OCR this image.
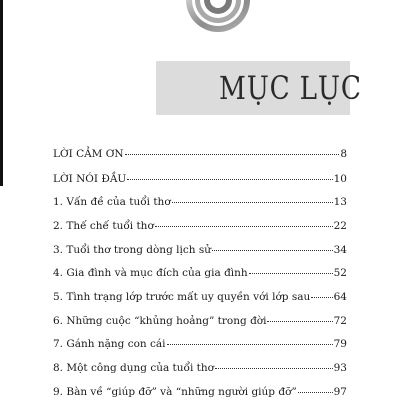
MỤC LỤC
LỜI CẢM ƠN	8
LỜI NÓI ĐẦU	10
1. Vấn đề của tuổi thơ	13
2. Thế chế tuổi thơ	22
3. Tuổi thơ trong dòng lịch sử	34
4. Gia đình và mục đích của gia đình	52
5. Tình trạng lớp trước mất uy quyền với lớp sau 64
6. Những cuộc “khủng hoảng” trong đời	72
7. Gánh nặng con cái	79
8. Một công dụng của tuổi thơ	93
9. Bàn về “giúp đỡ” và “những người giúp đỡ”	97
